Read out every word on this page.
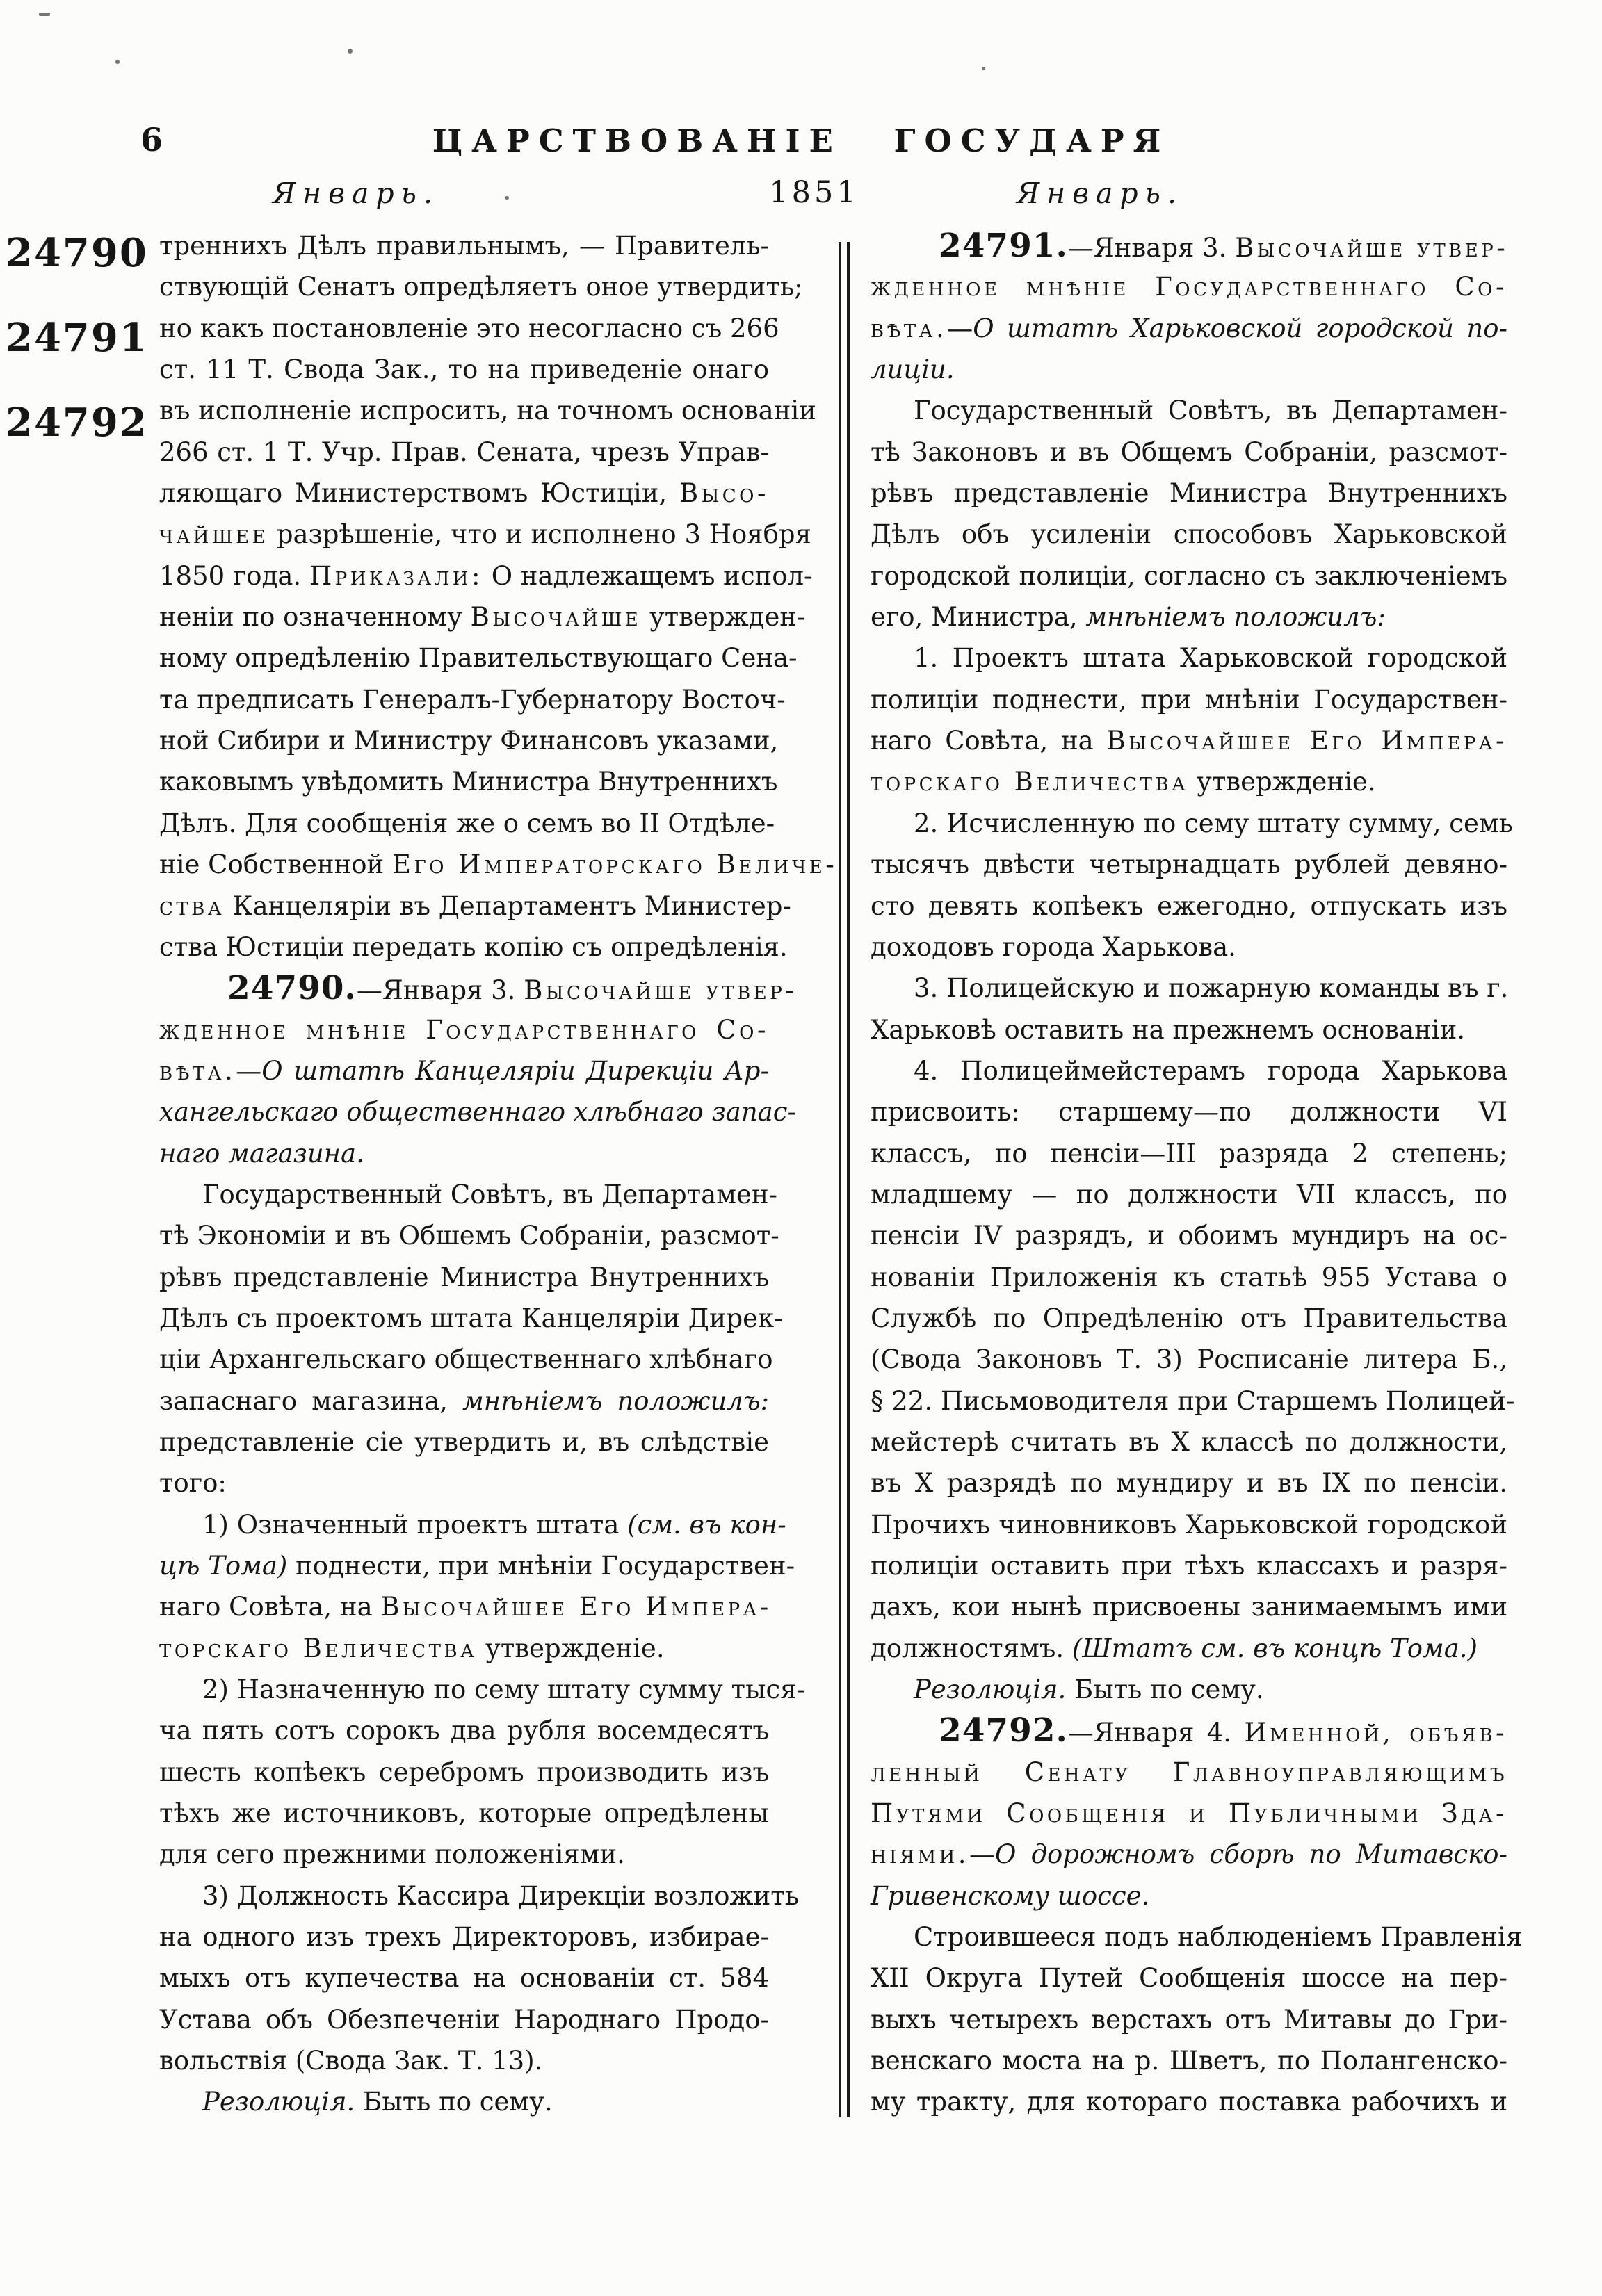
6	ЦАРСТВОВАНІЕ ГОСУДАРЯ
Январь.	1851	Январь.
24790
24791
24792
треннихъ Дѣлъ правильнымъ, — Правитель-
ствующій Сенатъ опредѣляетъ оное утвердить;
но какъ постановленіе это несогласно съ 266
ст. 11 Т. Свода Зак., то на приведеніе онаго
въ исполненіе испросить, на точномъ основаніи
266 ст. 1 Т. Учр. Прав. Сената, чрезъ Управ-
ляющаго Министерствомъ Юстиціи, Высо-
чайшее разрѣшеніе, что и исполнено 3 Ноября
1850 года. Приказали: О надлежащемъ испол-
неніи по означенному Высочайше утвержден-
ному опредѣленію Правительствующаго Сена-
та предписать Генералъ-Губернатору Восточ-
ной Сибири и Министру Финансовъ указами,
каковымъ увѣдомить Министра Внутреннихъ
Дѣлъ. Для сообщенія же о семъ во II Отдѣле-
ніе Собственной Его Императорскаго Величе-
ства Канцеляріи въ Департаментъ Министер-
ства Юстиціи передать копію съ опредѣленія.
24790.—Января 3. Высочайше утвер-
жденное мнѣніе Государственнаго Со-
вѣта.—О штатѣ Канцеляріи Дирекціи Ар-
хангельскаго общественнаго хлѣбнаго запас-
наго магазина.
Государственный Совѣтъ, въ Департамен-
тѣ Экономіи и въ Обшемъ Собраніи, разсмот-
рѣвъ представленіе Министра Внутреннихъ
Дѣлъ съ проектомъ штата Канцеляріи Дирек-
ціи Архангельскаго общественнаго хлѣбнаго
запаснаго магазина, мнѣніемъ положилъ:
представленіе сіе утвердить и, въ слѣдствіе
того:
1) Означенный проектъ штата (см. въ кон-
цѣ Тома) поднести, при мнѣніи Государствен-
наго Совѣта, на Высочайшее Его Импера-
торскаго Величества утвержденіе.
2) Назначенную по сему штату сумму тыся-
ча пять сотъ сорокъ два рубля восемдесятъ
шесть копѣекъ серебромъ производить изъ
тѣхъ же источниковъ, которые опредѣлены
для сего прежними положеніями.
3) Должность Кассира Дирекціи возложить
на одного изъ трехъ Директоровъ, избирае-
мыхъ отъ купечества на основаніи ст. 584
Устава объ Обезпеченіи Народнаго Продо-
вольствія (Свода Зак. Т. 13).
Резолюція. Быть по сему.
24791.—Января 3. Высочайше утвер-
жденное мнѣніе Государственнаго Со-
вѣта.—О штатѣ Харьковской городской по-
лиціи.
Государственный Совѣтъ, въ Департамен-
тѣ Законовъ и въ Общемъ Собраніи, разсмот-
рѣвъ представленіе Министра Внутреннихъ
Дѣлъ объ усиленіи способовъ Харьковской
городской полиціи, согласно съ заключеніемъ
его, Министра, мнѣніемъ положилъ:
1. Проектъ штата Харьковской городской
полиціи поднести, при мнѣніи Государствен-
наго Совѣта, на Высочайшее Его Импера-
торскаго Величества утвержденіе.
2. Исчисленную по сему штату сумму, семь
тысячъ двѣсти четырнадцать рублей девяно-
сто девять копѣекъ ежегодно, отпускать изъ
доходовъ города Харькова.
3. Полицейскую и пожарную команды въ г.
Харьковѣ оставить на прежнемъ основаніи.
4. Полицеймейстерамъ города Харькова
присвоить: старшему—по должности VI
классъ, по пенсіи—III разряда 2 степень;
младшему — по должности VII классъ, по
пенсіи IV разрядъ, и обоимъ мундиръ на ос-
нованіи Приложенія къ статьѣ 955 Устава о
Службѣ по Опредѣленію отъ Правительства
(Свода Законовъ Т. 3) Росписаніе литера Б.,
§ 22. Письмоводителя при Старшемъ Полицей-
мейстерѣ считать въ X классѣ по должности,
въ X разрядѣ по мундиру и въ IX по пенсіи.
Прочихъ чиновниковъ Харьковской городской
полиціи оставить при тѣхъ классахъ и разря-
дахъ, кои нынѣ присвоены занимаемымъ ими
должностямъ. (Штатъ см. въ концѣ Тома.)
Резолюція. Быть по сему.
24792.—Января 4. Именной, объяв-
ленный Сенату Главноуправляющимъ
Путями Сообщенія и Публичными Зда-
ніями.—О дорожномъ сборѣ по Митавско-
Гривенскому шоссе.
Строившееся подъ наблюденіемъ Правленія
XII Округа Путей Сообщенія шоссе на пер-
выхъ четырехъ верстахъ отъ Митавы до Гри-
венскаго моста на р. Шветъ, по Полангенско-
му тракту, для котораго поставка рабочихъ и
